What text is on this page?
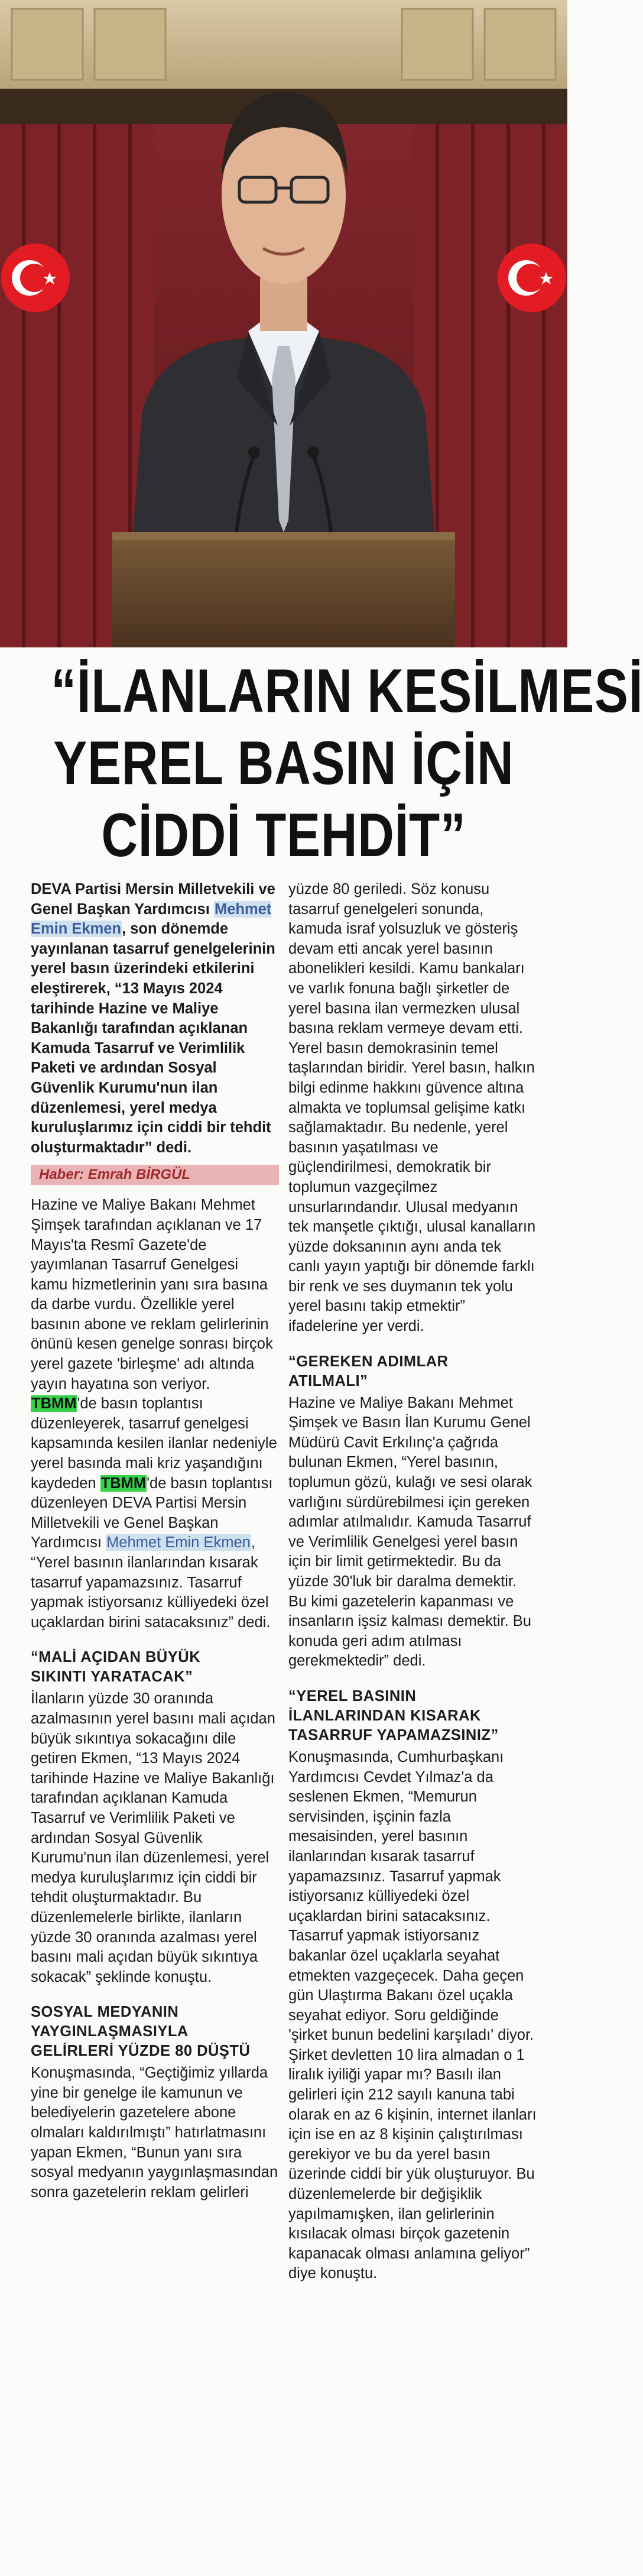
“İLANLARIN KESİLMESİ
YEREL BASIN İÇİN
CİDDİ TEHDİT”

DEVA Partisi Mersin Milletvekili ve Genel Başkan Yardımcısı Mehmet Emin Ekmen, son dönemde yayınlanan tasarruf genelgelerinin yerel basın üzerindeki etkilerini eleştirerek, “13 Mayıs 2024 tarihinde Hazine ve Maliye Bakanlığı tarafından açıklanan Kamuda Tasarruf ve Verimlilik Paketi ve ardından Sosyal Güvenlik Kurumu'nun ilan düzenlemesi, yerel medya kuruluşlarımız için ciddi bir tehdit oluşturmaktadır” dedi.

Haber: Emrah BİRGÜL

Hazine ve Maliye Bakanı Mehmet Şimşek tarafından açıklanan ve 17 Mayıs'ta Resmî Gazete'de yayımlanan Tasarruf Genelgesi kamu hizmetlerinin yanı sıra basına da darbe vurdu. Özellikle yerel basının abone ve reklam gelirlerinin önünü kesen genelge sonrası birçok yerel gazete 'birleşme' adı altında yayın hayatına son veriyor. TBMM'de basın toplantısı düzenleyerek, tasarruf genelgesi kapsamında kesilen ilanlar nedeniyle yerel basında mali kriz yaşandığını kaydeden TBMM'de basın toplantısı düzenleyen DEVA Partisi Mersin Milletvekili ve Genel Başkan Yardımcısı Mehmet Emin Ekmen, “Yerel basının ilanlarından kısarak tasarruf yapamazsınız. Tasarruf yapmak istiyorsanız külliyedeki özel uçaklardan birini satacaksınız” dedi.

“MALİ AÇIDAN BÜYÜK
SIKINTI YARATACAK”

İlanların yüzde 30 oranında azalmasının yerel basını mali açıdan büyük sıkıntıya sokacağını dile getiren Ekmen, “13 Mayıs 2024 tarihinde Hazine ve Maliye Bakanlığı tarafından açıklanan Kamuda Tasarruf ve Verimlilik Paketi ve ardından Sosyal Güvenlik Kurumu'nun ilan düzenlemesi, yerel medya kuruluşlarımız için ciddi bir tehdit oluşturmaktadır. Bu düzenlemelerle birlikte, ilanların yüzde 30 oranında azalması yerel basını mali açıdan büyük sıkıntıya sokacak” şeklinde konuştu.

SOSYAL MEDYANIN
YAYGINLAŞMASIYLA
GELİRLERİ YÜZDE 80 DÜŞTÜ

Konuşmasında, “Geçtiğimiz yıllarda yine bir genelge ile kamunun ve belediyelerin gazetelere abone olmaları kaldırılmıştı” hatırlatmasını yapan Ekmen, “Bunun yanı sıra sosyal medyanın yaygınlaşmasından sonra gazetelerin reklam gelirleri

yüzde 80 geriledi. Söz konusu tasarruf genelgeleri sonunda, kamuda israf yolsuzluk ve gösteriş devam etti ancak yerel basının abonelikleri kesildi. Kamu bankaları ve varlık fonuna bağlı şirketler de yerel basına ilan vermezken ulusal basına reklam vermeye devam etti. Yerel basın demokrasinin temel taşlarından biridir. Yerel basın, halkın bilgi edinme hakkını güvence altına almakta ve toplumsal gelişime katkı sağlamaktadır. Bu nedenle, yerel basının yaşatılması ve güçlendirilmesi, demokratik bir toplumun vazgeçilmez unsurlarındandır. Ulusal medyanın tek manşetle çıktığı, ulusal kanalların yüzde doksanının aynı anda tek canlı yayın yaptığı bir dönemde farklı bir renk ve ses duymanın tek yolu yerel basını takip etmektir” ifadelerine yer verdi.

“GEREKEN ADIMLAR
ATILMALI”

Hazine ve Maliye Bakanı Mehmet Şimşek ve Basın İlan Kurumu Genel Müdürü Cavit Erkılınç'a çağrıda bulunan Ekmen, “Yerel basının, toplumun gözü, kulağı ve sesi olarak varlığını sürdürebilmesi için gereken adımlar atılmalıdır. Kamuda Tasarruf ve Verimlilik Genelgesi yerel basın için bir limit getirmektedir. Bu da yüzde 30'luk bir daralma demektir. Bu kimi gazetelerin kapanması ve insanların işsiz kalması demektir. Bu konuda geri adım atılması gerekmektedir” dedi.

“YEREL BASININ
İLANLARINDAN KISARAK
TASARRUF YAPAMAZSINIZ”

Konuşmasında, Cumhurbaşkanı Yardımcısı Cevdet Yılmaz'a da seslenen Ekmen, “Memurun servisinden, işçinin fazla mesaisinden, yerel basının ilanlarından kısarak tasarruf yapamazsınız. Tasarruf yapmak istiyorsanız külliyedeki özel uçaklardan birini satacaksınız. Tasarruf yapmak istiyorsanız bakanlar özel uçaklarla seyahat etmekten vazgeçecek. Daha geçen gün Ulaştırma Bakanı özel uçakla seyahat ediyor. Soru geldiğinde 'şirket bunun bedelini karşıladı' diyor. Şirket devletten 10 lira almadan o 1 liralık iyiliği yapar mı? Basılı ilan gelirleri için 212 sayılı kanuna tabi olarak en az 6 kişinin, internet ilanları için ise en az 8 kişinin çalıştırılması gerekiyor ve bu da yerel basın üzerinde ciddi bir yük oluşturuyor. Bu düzenlemelerde bir değişiklik yapılmamışken, ilan gelirlerinin kısılacak olması birçok gazetenin kapanacak olması anlamına geliyor” diye konuştu.
